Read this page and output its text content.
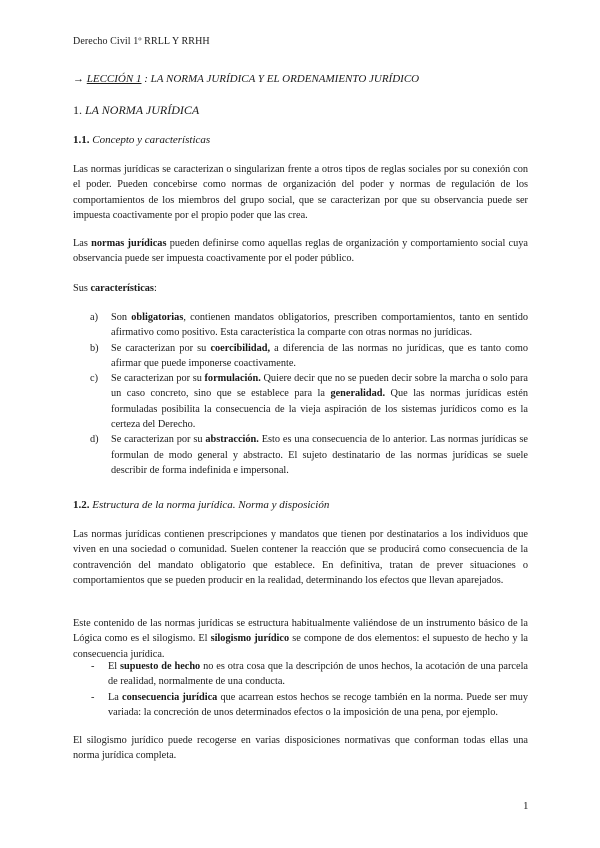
Derecho Civil 1º RRLL Y RRHH
→ LECCIÓN 1 : LA NORMA JURÍDICA Y EL ORDENAMIENTO JURÍDICO
1. LA NORMA JURÍDICA
1.1. Concepto y características

Las normas jurídicas se caracterizan o singularizan frente a otros tipos de reglas sociales por su conexión con el poder. Pueden concebirse como normas de organización del poder y normas de regulación de los comportamientos de los miembros del grupo social, que se caracterizan por que su observancia puede ser impuesta coactivamente por el propio poder que las crea.

Las normas jurídicas pueden definirse como aquellas reglas de organización y comportamiento social cuya observancia puede ser impuesta coactivamente por el poder público.

Sus características:

a) Son obligatorias, contienen mandatos obligatorios, prescriben comportamientos, tanto en sentido afirmativo como positivo. Esta característica la comparte con otras normas no jurídicas.
b) Se caracterizan por su coercibilidad, a diferencia de las normas no jurídicas, que es tanto como afirmar que puede imponerse coactivamente.
c) Se caracterizan por su formulación. Quiere decir que no se pueden decir sobre la marcha o solo para un caso concreto, sino que se establece para la generalidad. Que las normas jurídicas estén formuladas posibilita la consecuencia de la vieja aspiración de los sistemas jurídicos como es la certeza del Derecho.
d) Se caracterizan por su abstracción. Esto es una consecuencia de lo anterior. Las normas jurídicas se formulan de modo general y abstracto. El sujeto destinatario de las normas jurídicas se suele describir de forma indefinida e impersonal.
1.2. Estructura de la norma jurídica. Norma y disposición

Las normas jurídicas contienen prescripciones y mandatos que tienen por destinatarios a los individuos que viven en una sociedad o comunidad. Suelen contener la reacción que se producirá como consecuencia de la contravención del mandato obligatorio que establece. En definitiva, tratan de prever situaciones o comportamientos que se pueden producir en la realidad, determinando los efectos que llevan aparejados.

Este contenido de las normas jurídicas se estructura habitualmente valiéndose de un instrumento básico de la Lógica como es el silogismo. El silogismo jurídico se compone de dos elementos: el supuesto de hecho y la consecuencia jurídica.

- El supuesto de hecho no es otra cosa que la descripción de unos hechos, la acotación de una parcela de realidad, normalmente de una conducta.
- La consecuencia jurídica que acarrean estos hechos se recoge también en la norma. Puede ser muy variada: la concreción de unos determinados efectos o la imposición de una pena, por ejemplo.

El silogismo jurídico puede recogerse en varias disposiciones normativas que conforman todas ellas una norma jurídica completa.

1
